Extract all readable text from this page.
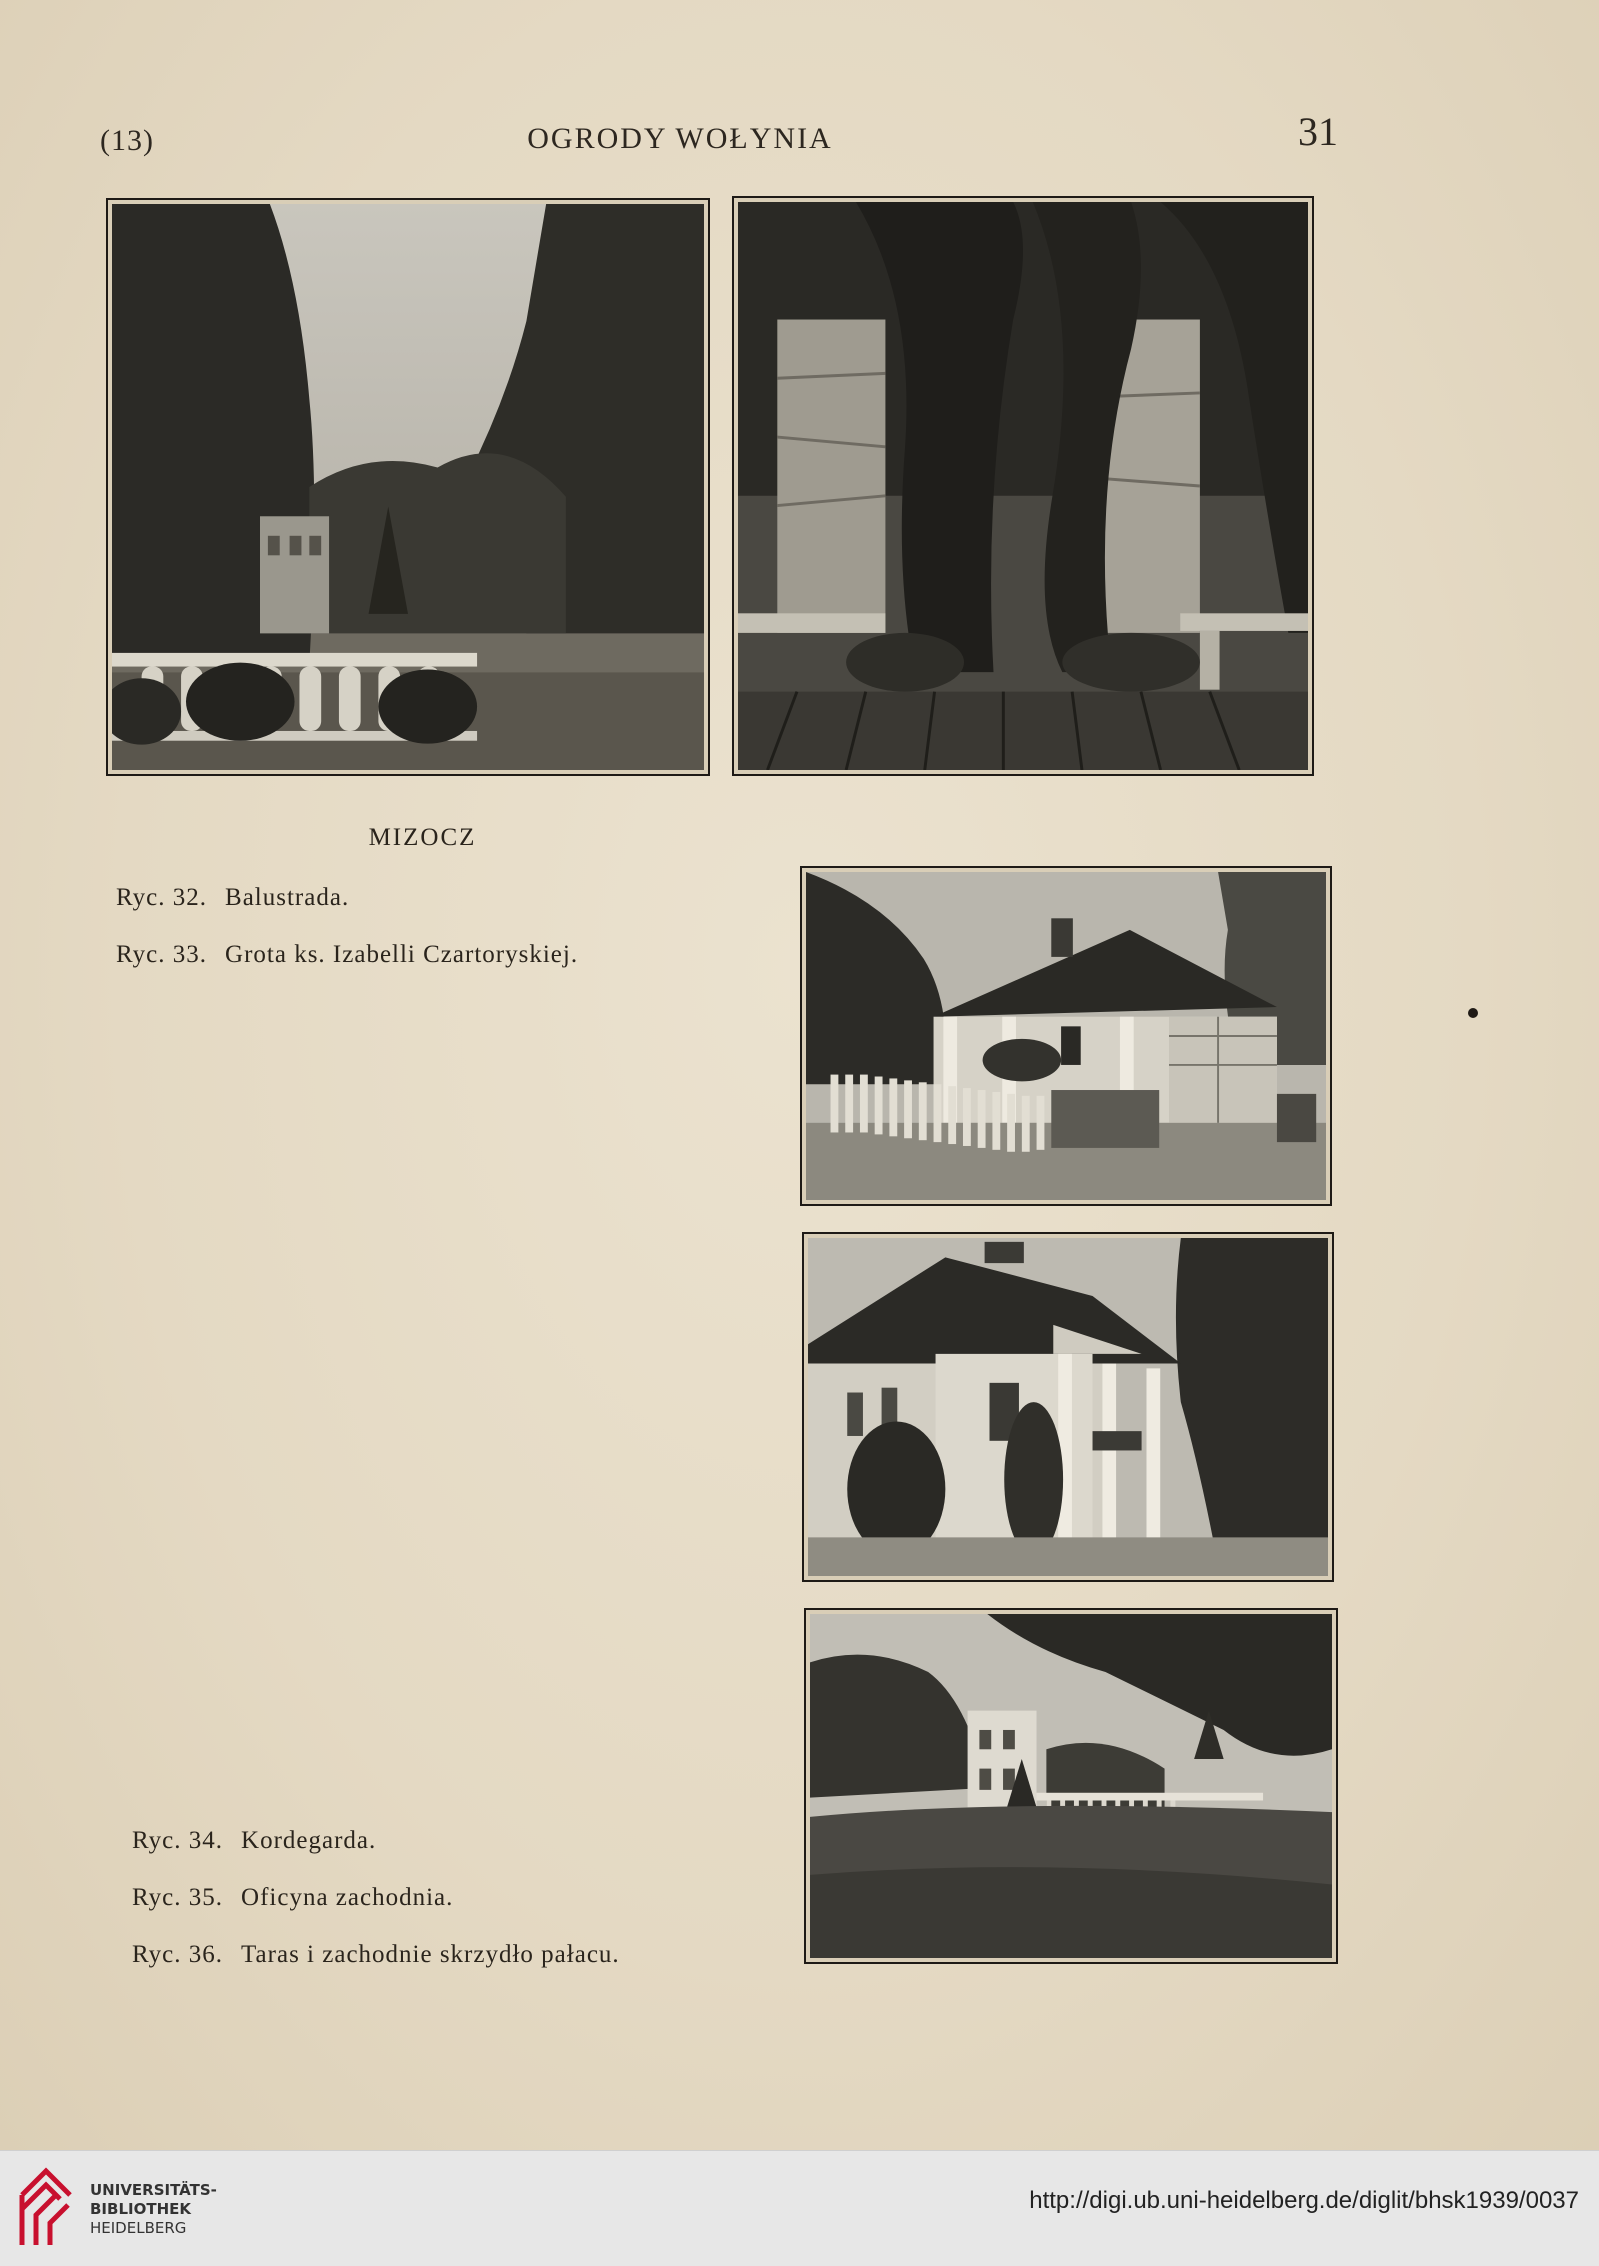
(13)	OGRODY WOŁYNIA	31
MIZOCZ
Ryc. 32. Balustrada.
Ryc. 33. Grota ks. Izabelli Czartoryskiej.
Ryc. 34. Kordegarda.
Ryc. 35. Oficyna zachodnia.
Ryc. 36. Taras i zachodnie skrzydło pałacu.
UNIVERSITÄTS-
BIBLIOTHEK
HEIDELBERG
http://digi.ub.uni-heidelberg.de/diglit/bhsk1939/0037
